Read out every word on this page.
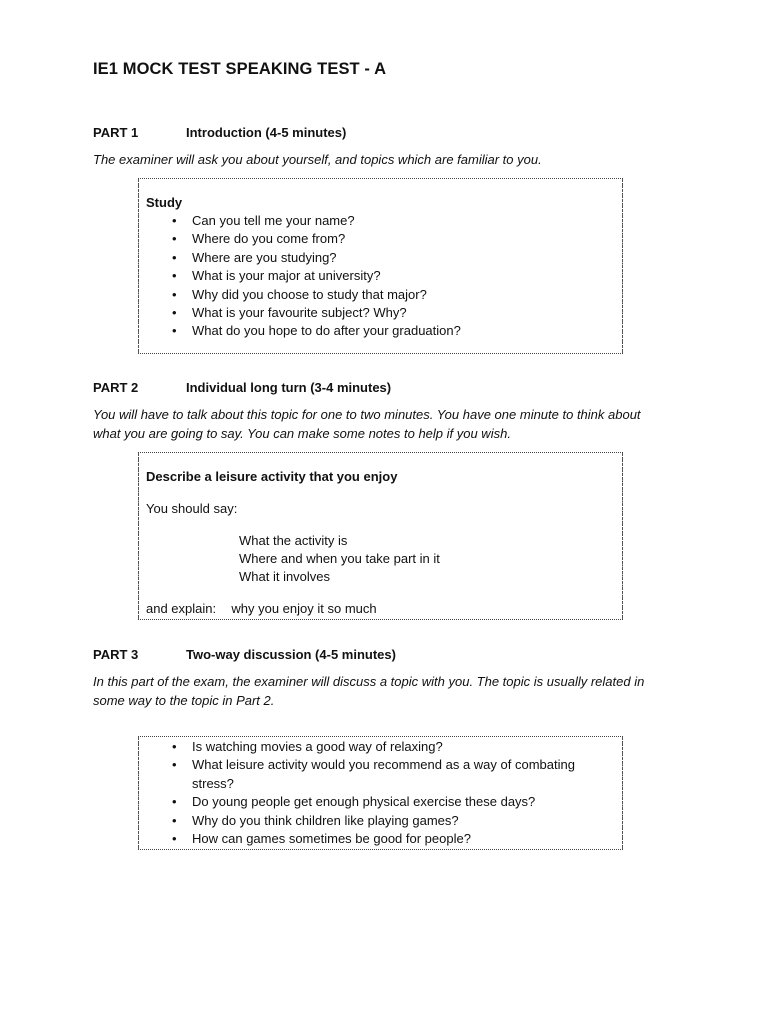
IE1 MOCK TEST SPEAKING TEST - A
PART 1	Introduction (4-5 minutes)
The examiner will ask you about yourself, and topics which are familiar to you.
Study
• Can you tell me your name?
• Where do you come from?
• Where are you studying?
• What is your major at university?
• Why did you choose to study that major?
• What is your favourite subject? Why?
• What do you hope to do after your graduation?
PART 2	Individual long turn (3-4 minutes)
You will have to talk about this topic for one to two minutes. You have one minute to think about what you are going to say. You can make some notes to help if you wish.
Describe a leisure activity that you enjoy
You should say:
What the activity is
Where and when you take part in it
What it involves
and explain: why you enjoy it so much
PART 3	Two-way discussion (4-5 minutes)
In this part of the exam, the examiner will discuss a topic with you. The topic is usually related in some way to the topic in Part 2.
• Is watching movies a good way of relaxing?
• What leisure activity would you recommend as a way of combating stress?
• Do young people get enough physical exercise these days?
• Why do you think children like playing games?
• How can games sometimes be good for people?
